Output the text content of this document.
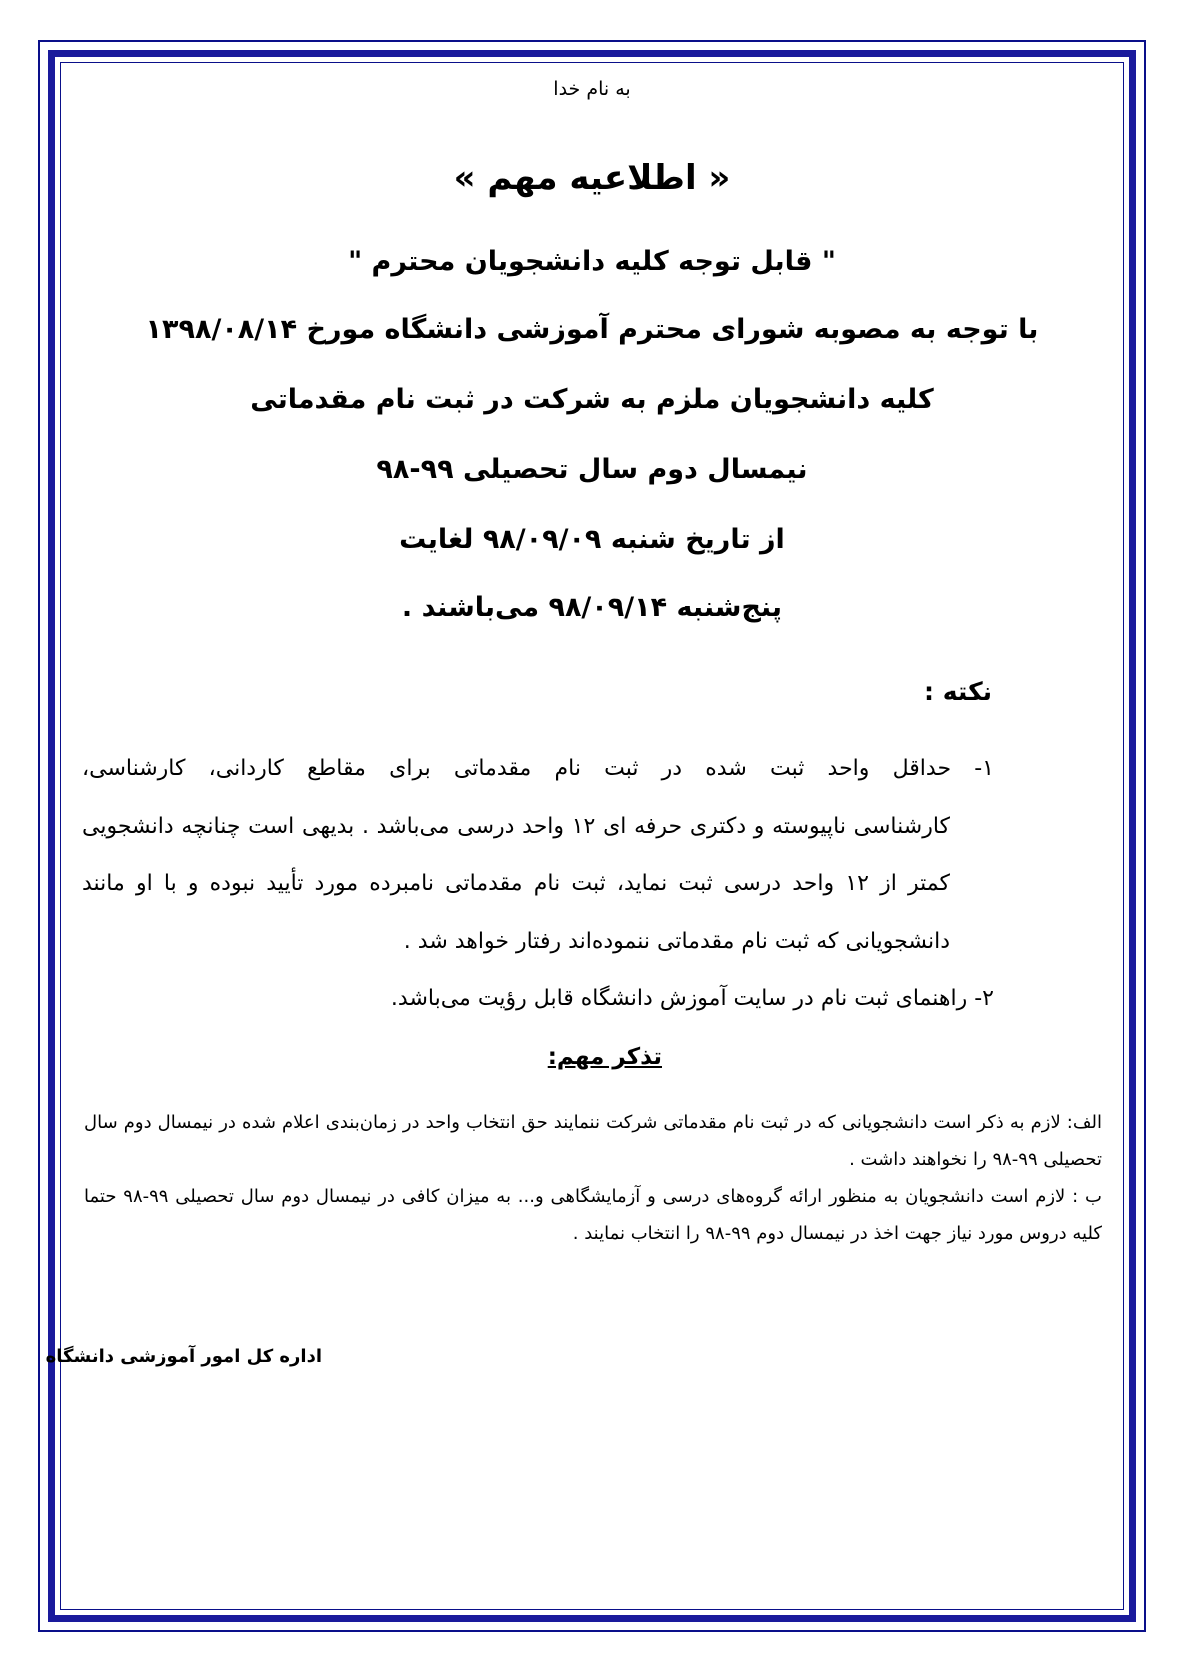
به نام خدا
« اطلاعیه مهم »
" قابل توجه کلیه دانشجویان محترم "
با توجه به مصوبه شورای محترم آموزشی دانشگاه مورخ ۱۳۹۸/۰۸/۱۴
کلیه دانشجویان ملزم به شرکت در ثبت نام مقدماتی
نیمسال دوم سال تحصیلی ۹۹-۹۸
از تاریخ شنبه ۹۸/۰۹/۰۹ لغایت
پنج‌شنبه ۹۸/۰۹/۱۴ می‌باشند .
نکته :

۱- حداقل واحد ثبت شده در ثبت نام مقدماتی برای مقاطع کاردانی، کارشناسی،

کارشناسی ناپیوسته و دکتری حرفه ای ۱۲ واحد درسی می‌باشد . بدیهی است چنانچه دانشجویی کمتر از ۱۲ واحد درسی ثبت نماید، ثبت نام مقدماتی نامبرده مورد تأیید نبوده و با او مانند دانشجویانی که ثبت نام مقدماتی ننموده‌اند رفتار خواهد شد .

۲- راهنمای ثبت نام در سایت آموزش دانشگاه قابل رؤیت می‌باشد.

تذکر مهم:

الف: لازم به ذکر است دانشجویانی که در ثبت نام مقدماتی شرکت ننمایند حق انتخاب واحد در زمان‌بندی اعلام شده در نیمسال دوم سال تحصیلی ۹۹-۹۸ را نخواهند داشت .

ب : لازم است دانشجویان به منظور ارائه گروه‌های درسی و آزمایشگاهی و... به میزان کافی در نیمسال دوم سال تحصیلی ۹۹-۹۸ حتما کلیه دروس مورد نیاز جهت اخذ در نیمسال دوم ۹۹-۹۸ را انتخاب نمایند .

اداره کل امور آموزشی دانشگاه
